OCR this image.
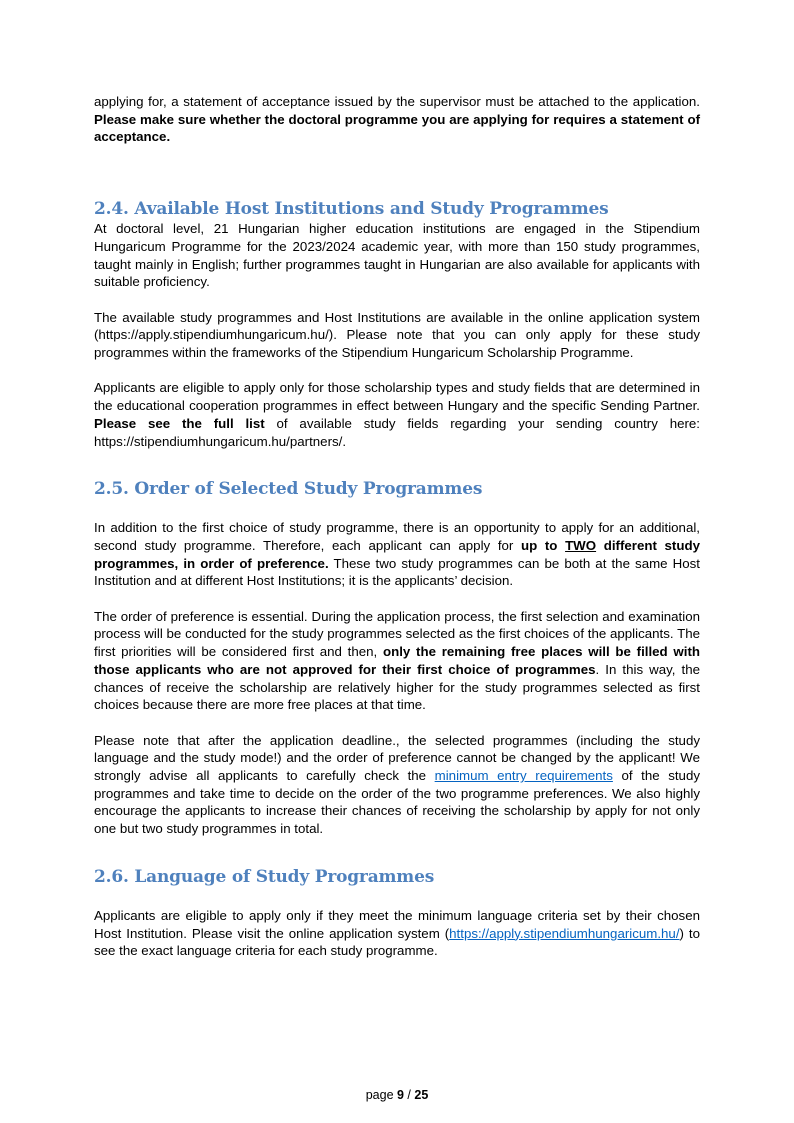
applying for, a statement of acceptance issued by the supervisor must be attached to the application. Please make sure whether the doctoral programme you are applying for requires a statement of acceptance.

2.4. Available Host Institutions and Study Programmes

At doctoral level, 21 Hungarian higher education institutions are engaged in the Stipendium Hungaricum Programme for the 2023/2024 academic year, with more than 150 study programmes, taught mainly in English; further programmes taught in Hungarian are also available for applicants with suitable proficiency.

The available study programmes and Host Institutions are available in the online application system (https://apply.stipendiumhungaricum.hu/). Please note that you can only apply for these study programmes within the frameworks of the Stipendium Hungaricum Scholarship Programme.

Applicants are eligible to apply only for those scholarship types and study fields that are determined in the educational cooperation programmes in effect between Hungary and the specific Sending Partner. Please see the full list of available study fields regarding your sending country here: https://stipendiumhungaricum.hu/partners/.

2.5. Order of Selected Study Programmes

In addition to the first choice of study programme, there is an opportunity to apply for an additional, second study programme. Therefore, each applicant can apply for up to TWO different study programmes, in order of preference. These two study programmes can be both at the same Host Institution and at different Host Institutions; it is the applicants’ decision.

The order of preference is essential. During the application process, the first selection and examination process will be conducted for the study programmes selected as the first choices of the applicants. The first priorities will be considered first and then, only the remaining free places will be filled with those applicants who are not approved for their first choice of programmes. In this way, the chances of receive the scholarship are relatively higher for the study programmes selected as first choices because there are more free places at that time.

Please note that after the application deadline., the selected programmes (including the study language and the study mode!) and the order of preference cannot be changed by the applicant! We strongly advise all applicants to carefully check the minimum entry requirements of the study programmes and take time to decide on the order of the two programme preferences. We also highly encourage the applicants to increase their chances of receiving the scholarship by apply for not only one but two study programmes in total.

2.6. Language of Study Programmes

Applicants are eligible to apply only if they meet the minimum language criteria set by their chosen Host Institution. Please visit the online application system (https://apply.stipendiumhungaricum.hu/) to see the exact language criteria for each study programme.

page 9 / 25
